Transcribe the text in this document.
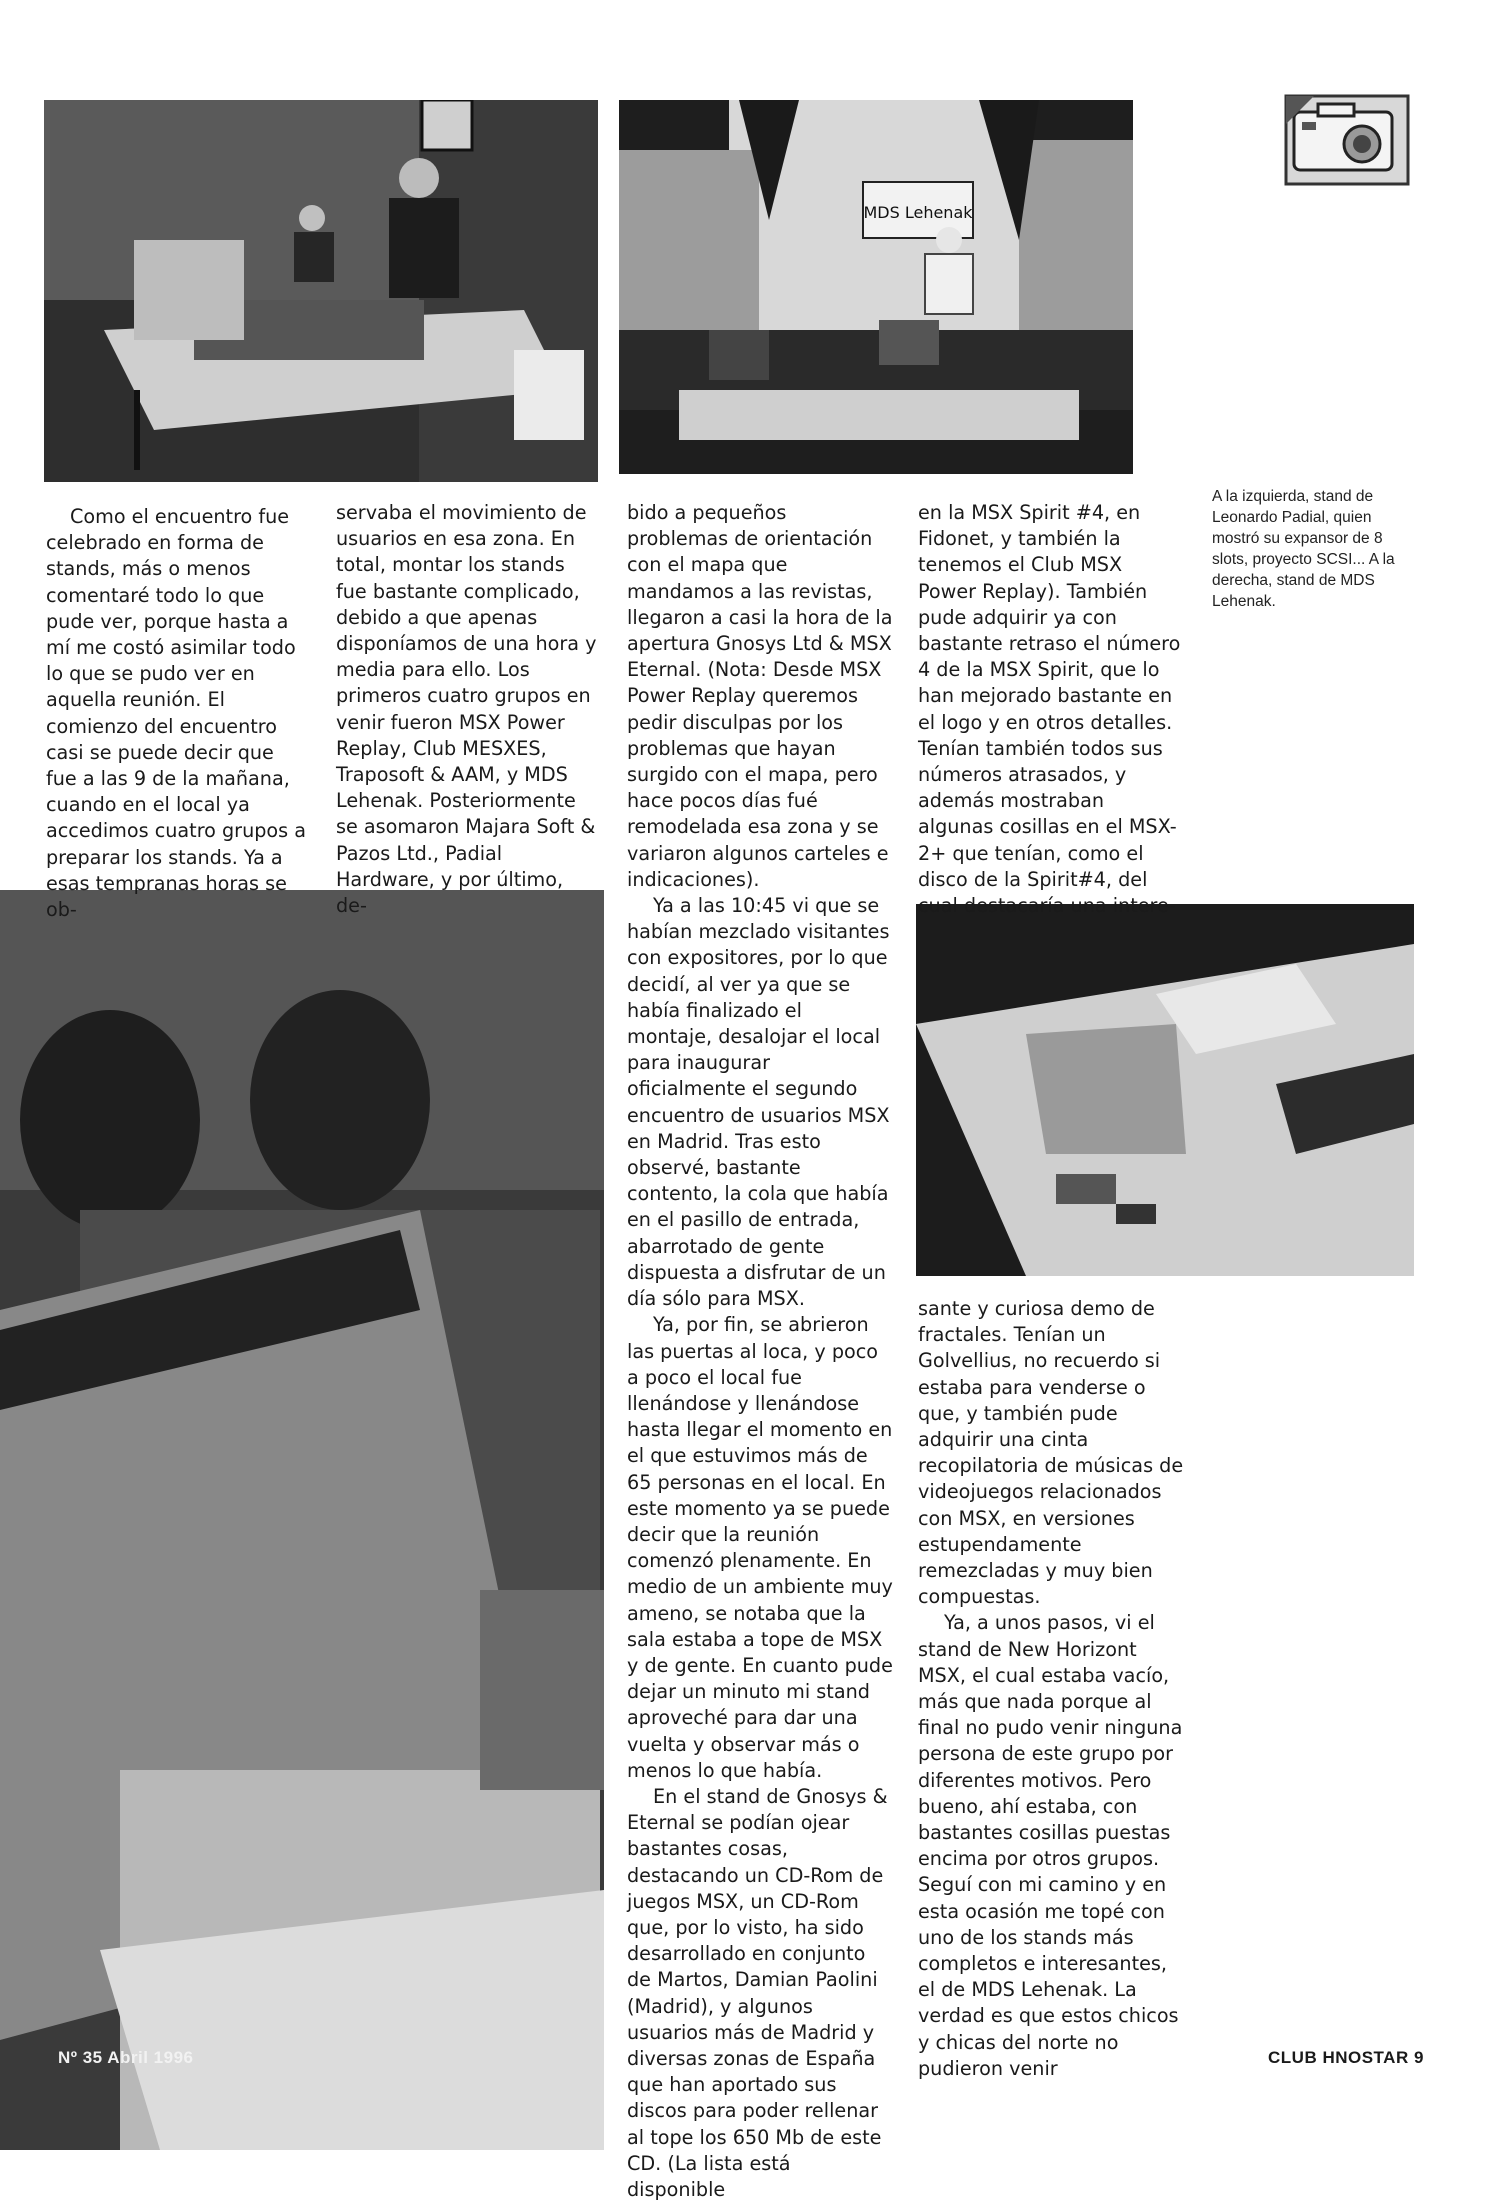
MDS Lehenak
A la izquierda, stand de Leonardo Padial, quien mostró su expansor de 8 slots, proyecto SCSI... A la derecha, stand de MDS Lehenak.

Como el encuentro fue celebrado en forma de stands, más o menos comentaré todo lo que pude ver, porque hasta a mí me costó asimilar todo lo que se pudo ver en aquella reunión. El comienzo del encuentro casi se puede decir que fue a las 9 de la mañana, cuando en el local ya accedimos cuatro grupos a preparar los stands. Ya a esas tempranas horas se ob-

servaba el movimiento de usuarios en esa zona. En total, montar los stands fue bastante complicado, debido a que apenas disponíamos de una hora y media para ello. Los primeros cuatro grupos en venir fueron MSX Power Replay, Club MESXES, Traposoft & AAM, y MDS Lehenak. Posteriormente se asomaron Majara Soft & Pazos Ltd., Padial Hardware, y por último, de-

bido a pequeños problemas de orientación con el mapa que mandamos a las revistas, llegaron a casi la hora de la apertura Gnosys Ltd & MSX Eternal. (Nota: Desde MSX Power Replay queremos pedir disculpas por los problemas que hayan surgido con el mapa, pero hace pocos días fué remodelada esa zona y se variaron algunos carteles e indicaciones).

Ya a las 10:45 vi que se habían mezclado visitantes con expositores, por lo que decidí, al ver ya que se había finalizado el montaje, desalojar el local para inaugurar oficialmente el segundo encuentro de usuarios MSX en Madrid. Tras esto observé, bastante contento, la cola que había en el pasillo de entrada, abarrotado de gente dispuesta a disfrutar de un día sólo para MSX.

Ya, por fin, se abrieron las puertas al loca, y poco a poco el local fue llenándose y llenándose hasta llegar el momento en el que estuvimos más de 65 personas en el local. En este momento ya se puede decir que la reunión comenzó plenamente. En medio de un ambiente muy ameno, se notaba que la sala estaba a tope de MSX y de gente. En cuanto pude dejar un minuto mi stand aproveché para dar una vuelta y observar más o menos lo que había.

En el stand de Gnosys & Eternal se podían ojear bastantes cosas, destacando un CD-Rom de juegos MSX, un CD-Rom que, por lo visto, ha sido desarrollado en conjunto de Martos, Damian Paolini (Madrid), y algunos usuarios más de Madrid y diversas zonas de España que han aportado sus discos para poder rellenar al tope los 650 Mb de este CD. (La lista está disponible

en la MSX Spirit #4, en Fidonet, y también la tenemos el Club MSX Power Replay). También pude adquirir ya con bastante retraso el número 4 de la MSX Spirit, que lo han mejorado bastante en el logo y en otros detalles. Tenían también todos sus números atrasados, y además mostraban algunas cosillas en el MSX-2+ que tenían, como el disco de la Spirit#4, del cual destacaría una intere-

sante y curiosa demo de fractales. Tenían un Golvellius, no recuerdo si estaba para venderse o que, y también pude adquirir una cinta recopilatoria de músicas de videojuegos relacionados con MSX, en versiones estupendamente remezcladas y muy bien compuestas.

Ya, a unos pasos, vi el stand de New Horizont MSX, el cual estaba vacío, más que nada porque al final no pudo venir ninguna persona de este grupo por diferentes motivos. Pero bueno, ahí estaba, con bastantes cosillas puestas encima por otros grupos. Seguí con mi camino y en esta ocasión me topé con uno de los stands más completos e interesantes, el de MDS Lehenak. La verdad es que estos chicos y chicas del norte no pudieron venir

Nº 35 Abril 1996	CLUB HNOSTAR 9
